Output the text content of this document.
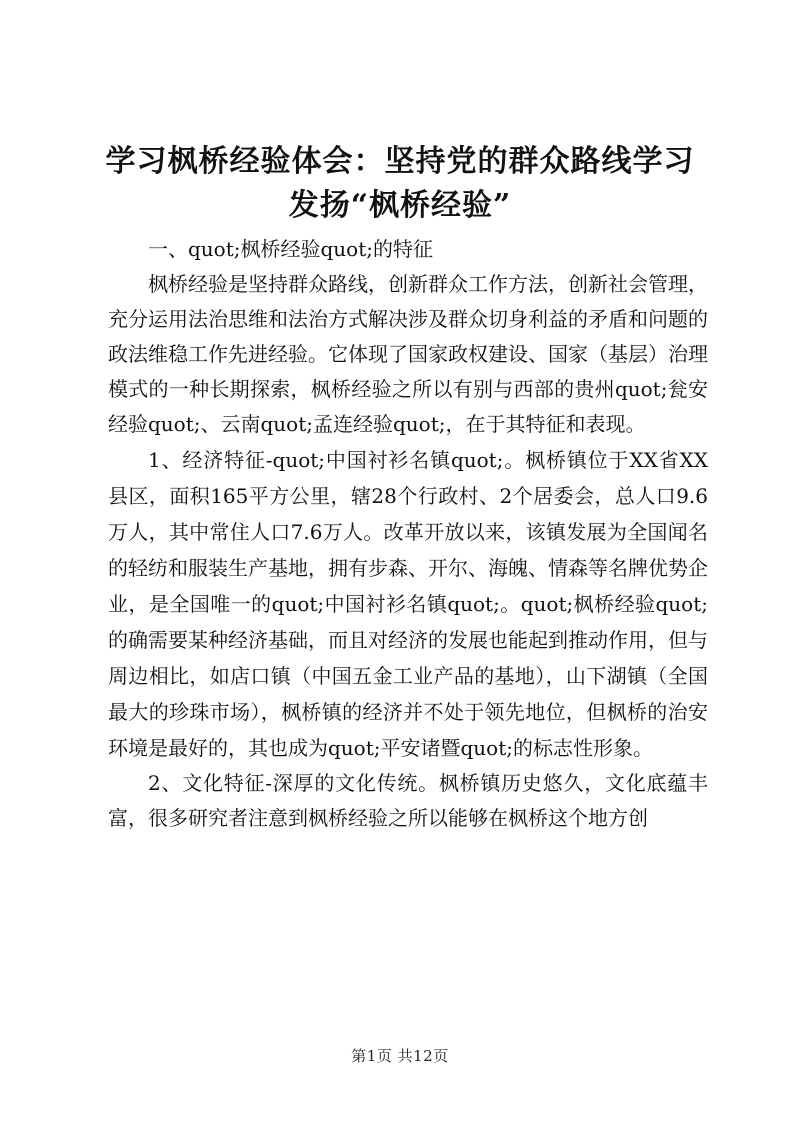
学习枫桥经验体会：坚持党的群众路线学习发扬“枫桥经验”

一、quot;枫桥经验quot;的特征

枫桥经验是坚持群众路线，创新群众工作方法，创新社会管理，充分运用法治思维和法治方式解决涉及群众切身利益的矛盾和问题的政法维稳工作先进经验。它体现了国家政权建设、国家（基层）治理模式的一种长期探索，枫桥经验之所以有别与西部的贵州quot;瓮安经验quot;、云南quot;孟连经验quot;，在于其特征和表现。

1、经济特征-quot;中国衬衫名镇quot;。枫桥镇位于XX省XX县区，面积165平方公里，辖28个行政村、2个居委会，总人口9.6万人，其中常住人口7.6万人。改革开放以来，该镇发展为全国闻名的轻纺和服装生产基地，拥有步森、开尔、海魄、情森等名牌优势企业，是全国唯一的quot;中国衬衫名镇quot;。quot;枫桥经验quot;的确需要某种经济基础，而且对经济的发展也能起到推动作用，但与周边相比，如店口镇（中国五金工业产品的基地），山下湖镇（全国最大的珍珠市场），枫桥镇的经济并不处于领先地位，但枫桥的治安环境是最好的，其也成为quot;平安诸暨quot;的标志性形象。

2、文化特征-深厚的文化传统。枫桥镇历史悠久，文化底蕴丰富，很多研究者注意到枫桥经验之所以能够在枫桥这个地方创

第1页 共12页
